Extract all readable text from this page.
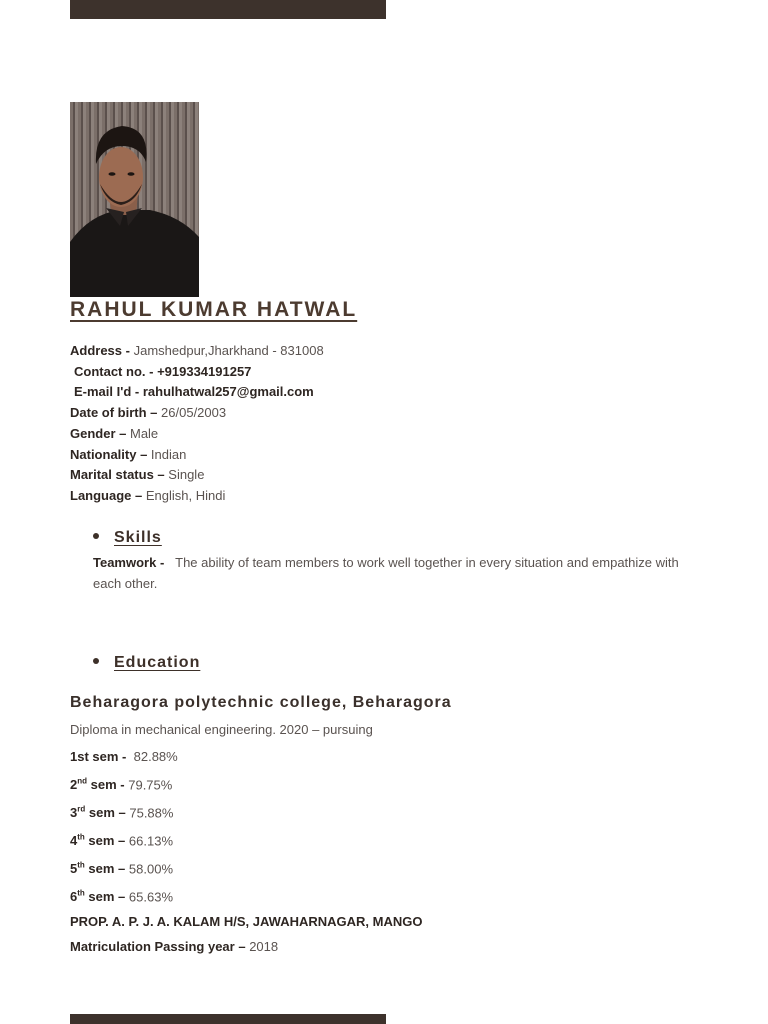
RAHUL KUMAR HATWAL
Address - Jamshedpur,Jharkhand - 831008
Contact no. - +919334191257
E-mail I'd - rahulhatwal257@gmail.com
Date of birth – 26/05/2003
Gender – Male
Nationality – Indian
Marital status – Single
Language – English, Hindi
Skills
Teamwork - The ability of team members to work well together in every situation and empathize with each other.
Education
Beharagora polytechnic college, Beharagora
Diploma in mechanical engineering. 2020 – pursuing
1st sem - 82.88%
2nd sem - 79.75%
3rd sem – 75.88%
4th sem – 66.13%
5th sem – 58.00%
6th sem – 65.63%
PROP. A. P. J. A. KALAM H/S, JAWAHARNAGAR, MANGO
Matriculation Passing year – 2018
